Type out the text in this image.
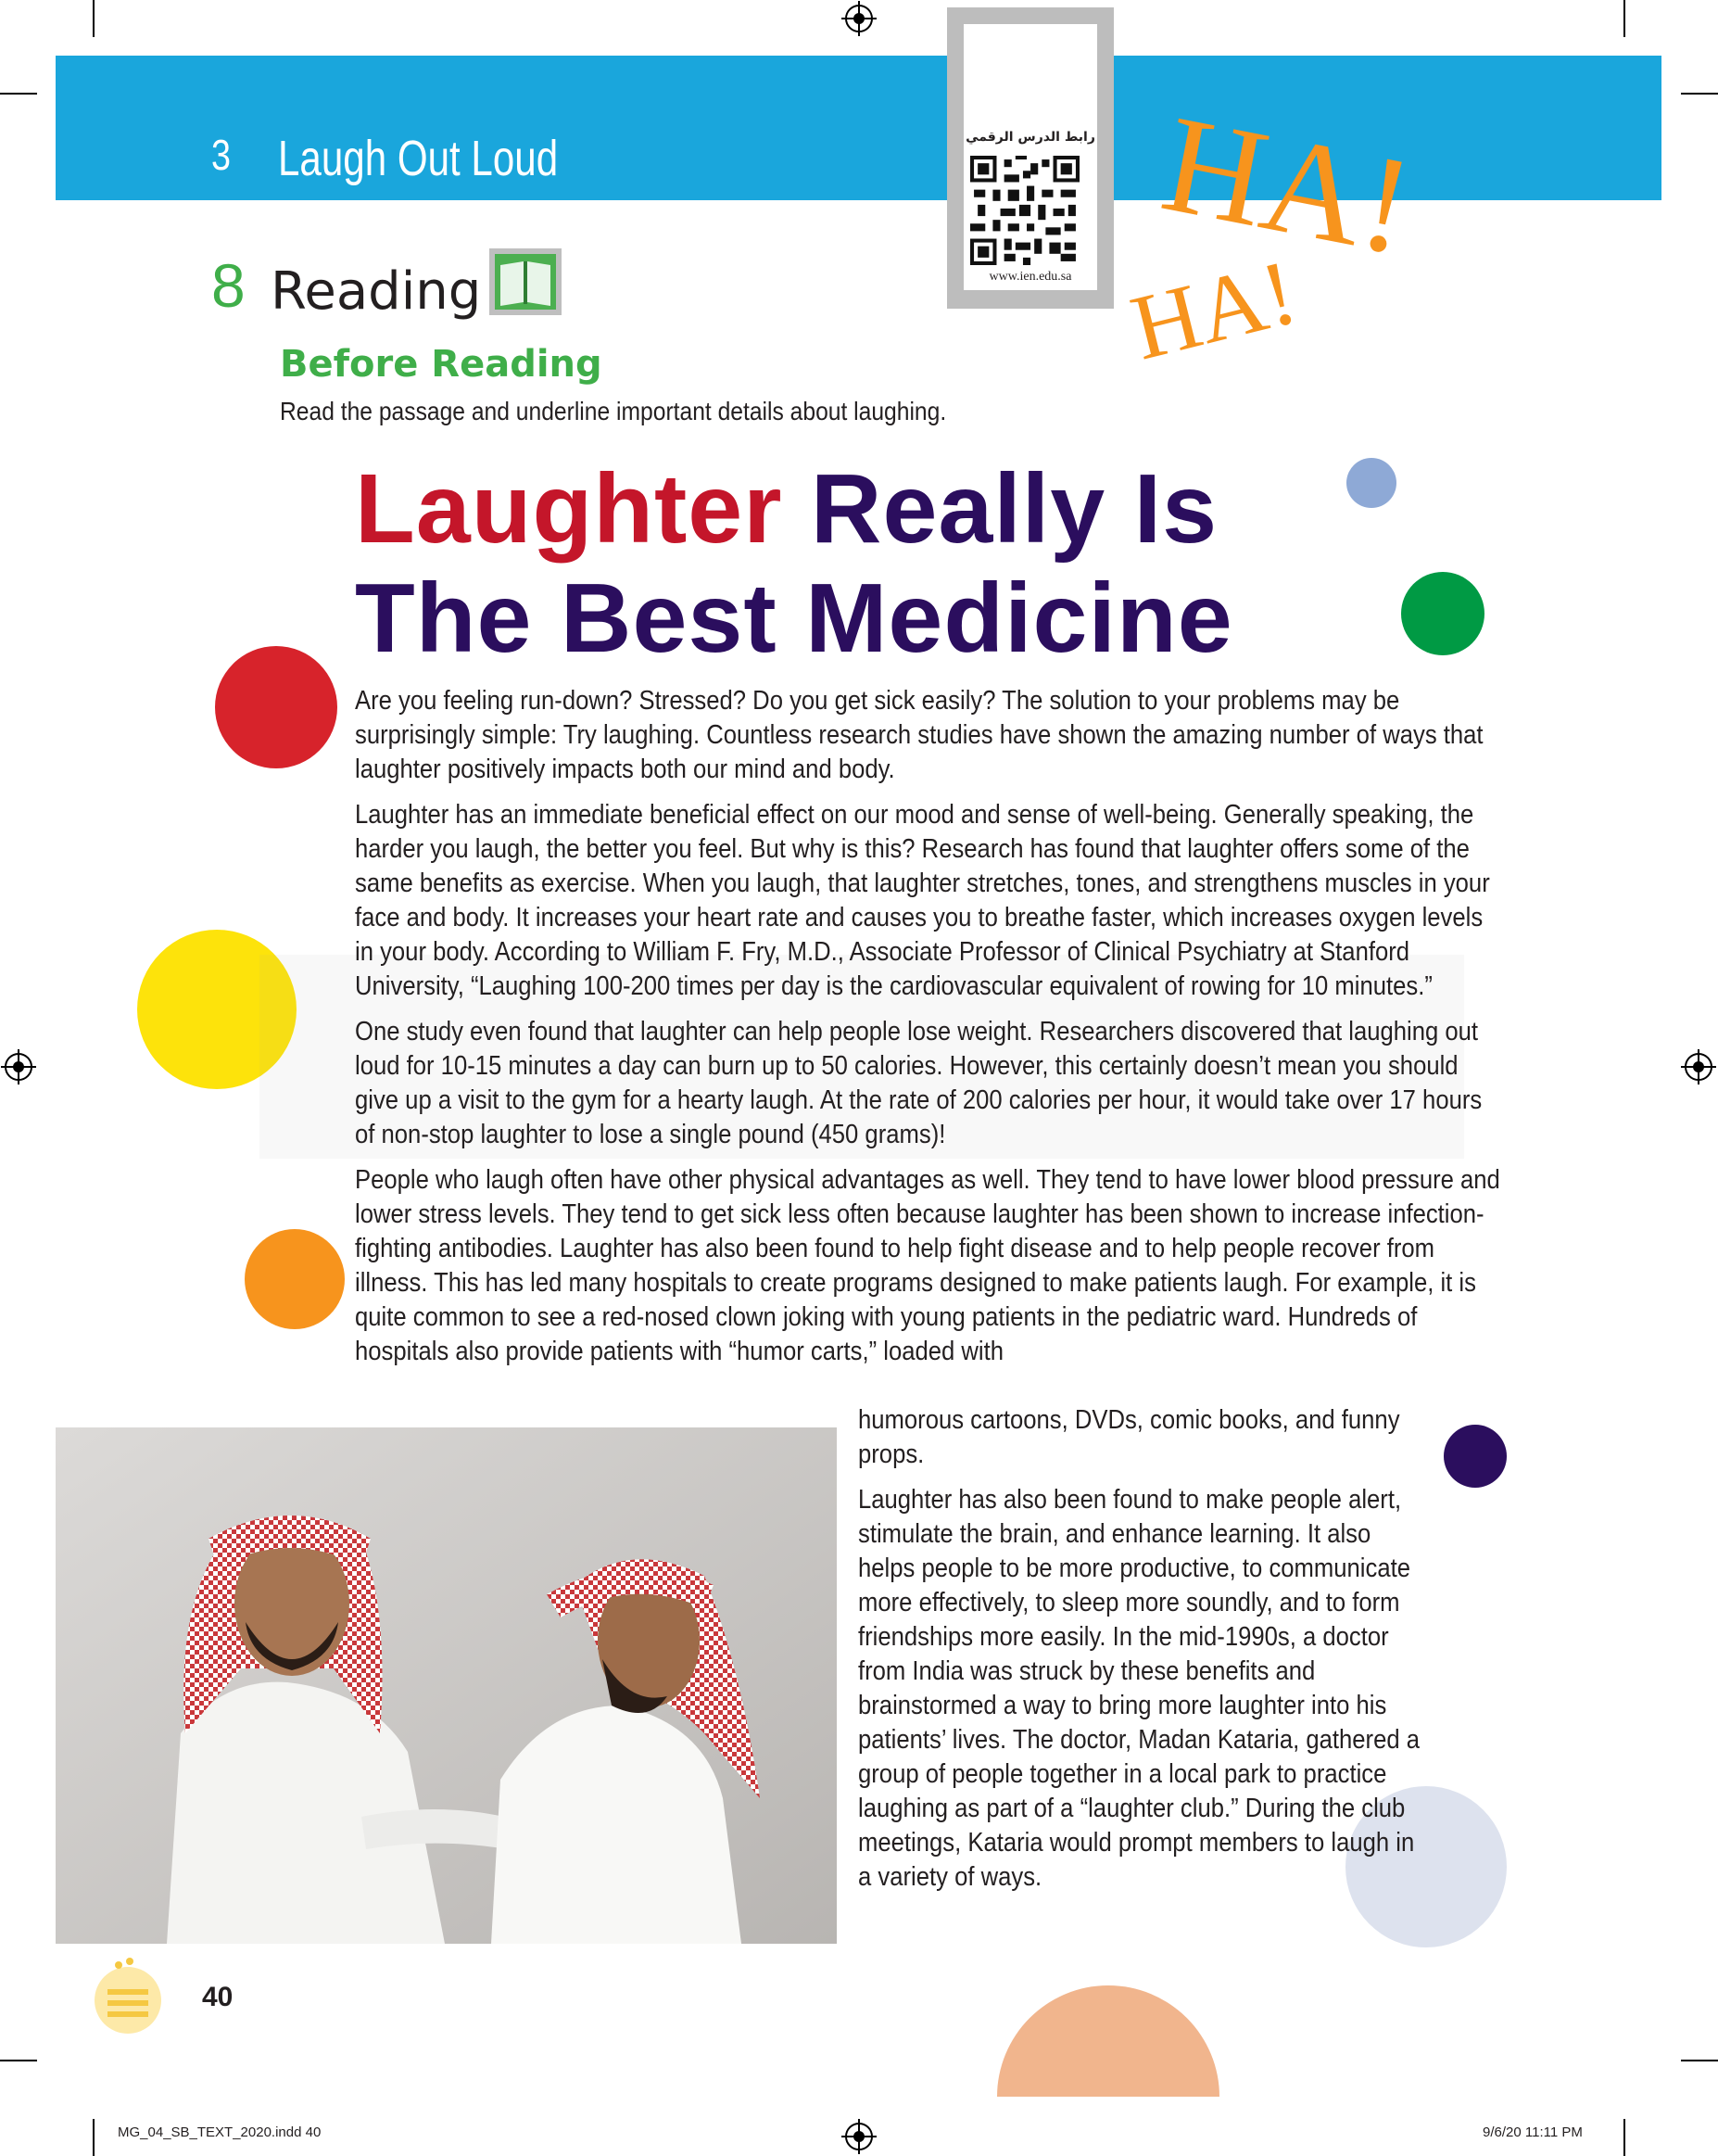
3 Laugh Out Loud	رابط الدرس الرقمي
www.ien.edu.sa HA!
HA!
8 Reading
Before Reading
Read the passage and underline important details about laughing.
Laughter Really Is
The Best Medicine

Are you feeling run-down? Stressed? Do you get sick easily? The solution to your problems may be surprisingly simple: Try laughing. Countless research studies have shown the amazing number of ways that laughter positively impacts both our mind and body.

Laughter has an immediate beneficial effect on our mood and sense of well-being. Generally speaking, the harder you laugh, the better you feel. But why is this? Research has found that laughter offers some of the same benefits as exercise. When you laugh, that laughter stretches, tones, and strengthens muscles in your face and body. It increases your heart rate and causes you to breathe faster, which increases oxygen levels in your body. According to William F. Fry, M.D., Associate Professor of Clinical Psychiatry at Stanford University, “Laughing 100-200 times per day is the cardiovascular equivalent of rowing for 10 minutes.”

One study even found that laughter can help people lose weight. Researchers discovered that laughing out loud for 10-15 minutes a day can burn up to 50 calories. However, this certainly doesn’t mean you should give up a visit to the gym for a hearty laugh. At the rate of 200 calories per hour, it would take over 17 hours of non-stop laughter to lose a single pound (450 grams)!

People who laugh often have other physical advantages as well. They tend to have lower blood pressure and lower stress levels. They tend to get sick less often because laughter has been shown to increase infection-fighting antibodies. Laughter has also been found to help fight disease and to help people recover from illness. This has led many hospitals to create programs designed to make patients laugh. For example, it is quite common to see a red-nosed clown joking with young patients in the pediatric ward. Hundreds of hospitals also provide patients with “humor carts,” loaded with

humorous cartoons, DVDs, comic books, and funny props.

Laughter has also been found to make people alert, stimulate the brain, and enhance learning. It also helps people to be more productive, to communicate more effectively, to sleep more soundly, and to form friendships more easily. In the mid-1990s, a doctor from India was struck by these benefits and brainstormed a way to bring more laughter into his patients’ lives. The doctor, Madan Kataria, gathered a group of people together in a local park to practice laughing as part of a “laughter club.” During the club meetings, Kataria would prompt members to laugh in a variety of ways.

40
MG_04_SB_TEXT_2020.indd 40	9/6/20 11:11 PM
